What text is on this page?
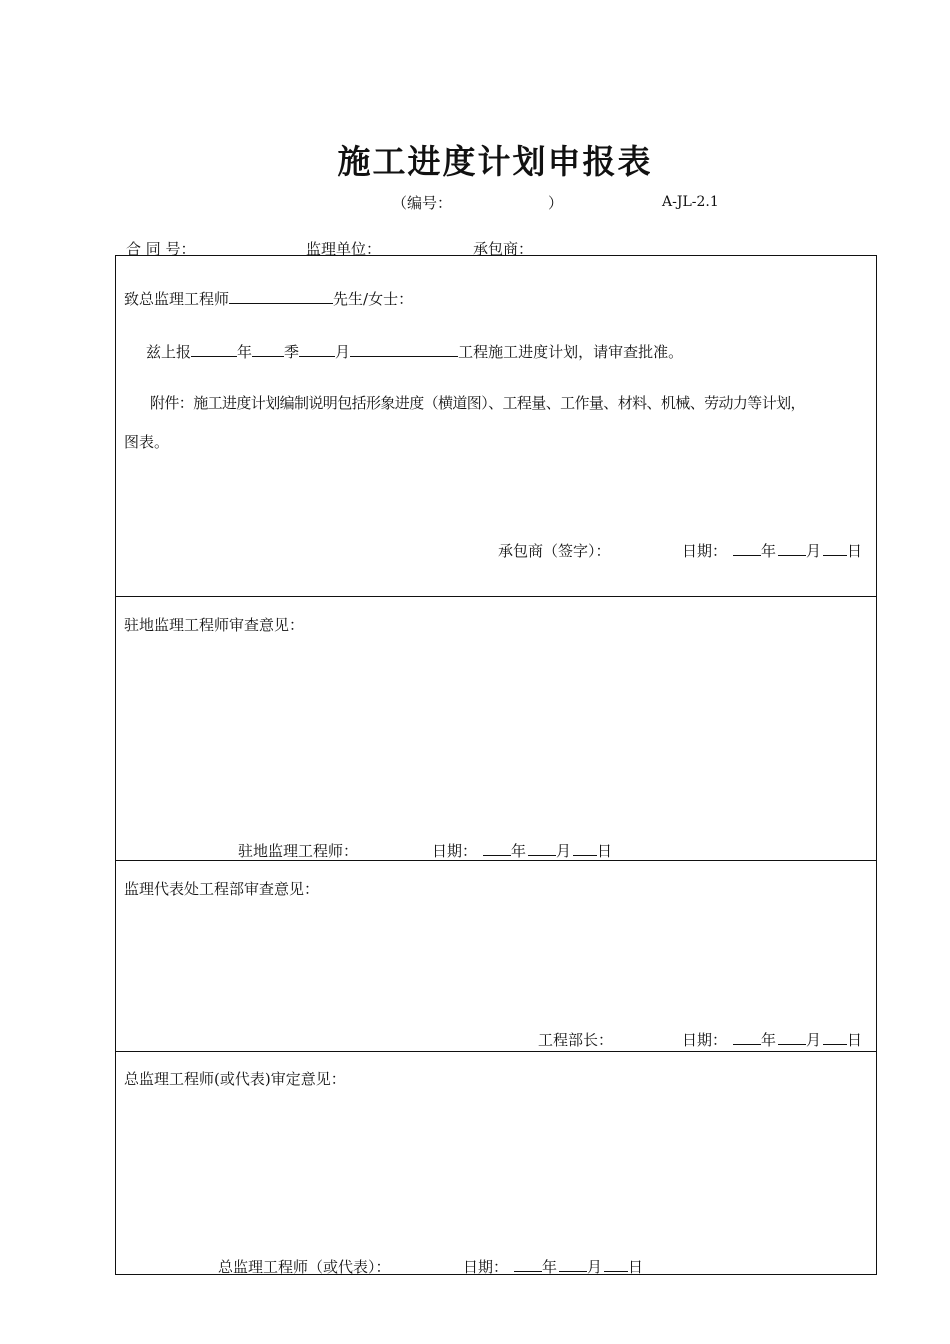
施工进度计划申报表
（编号：	）	A-JL-2.1
合 同 号：	监理单位：	承包商：
致总监理工程师	先生/女士：
兹上报	年 季 月	工程施工进度计划，请审查批准。
附件：施工进度计划编制说明包括形象进度（横道图）、工程量、工作量、材料、机械、劳动力等计划，
图表。
承包商（签字）：	日期： 年 月 日
驻地监理工程师审查意见：
驻地监理工程师：	日期： 年 月 日
监理代表处工程部审查意见：
工程部长：	日期： 年 月 日
总监理工程师(或代表)审定意见：
总监理工程师（或代表）：	日期： 年 月 日
